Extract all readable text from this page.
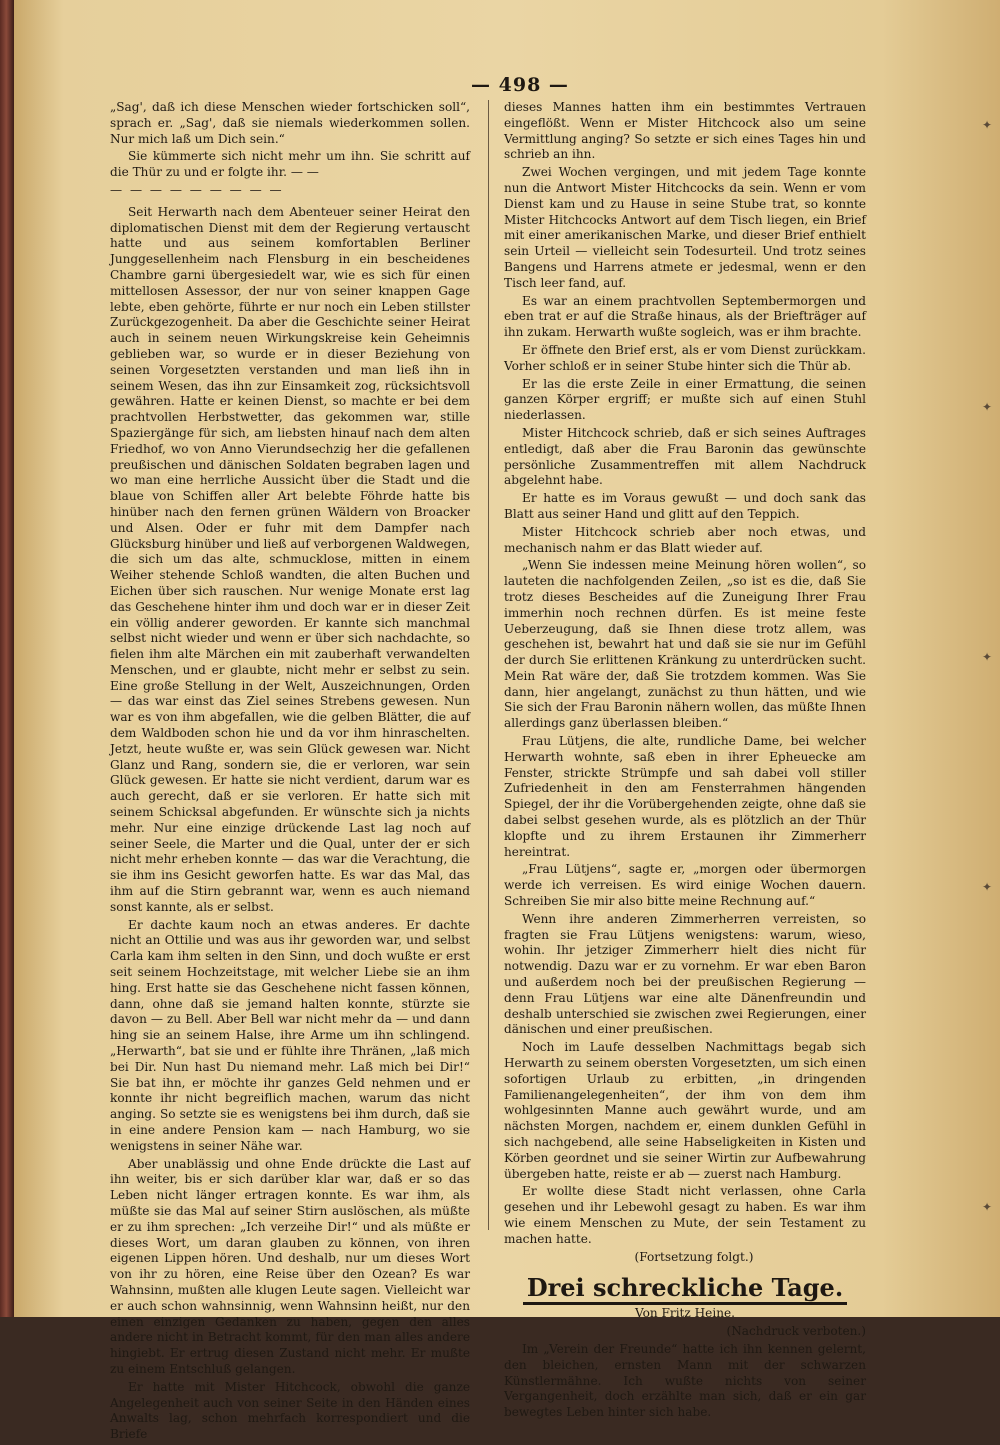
— 498 —

„Sag', daß ich diese Menschen wieder fortschicken soll“, sprach er. „Sag', daß sie niemals wiederkommen sollen. Nur mich laß um Dich sein.“

Sie kümmerte sich nicht mehr um ihn. Sie schritt auf die Thür zu und er folgte ihr. — —

— — — — — — — — —

Seit Herwarth nach dem Abenteuer seiner Heirat den diplomatischen Dienst mit dem der Regierung vertauscht hatte und aus seinem komfortablen Berliner Junggesellenheim nach Flensburg in ein bescheidenes Chambre garni übergesiedelt war, wie es sich für einen mittellosen Assessor, der nur von seiner knappen Gage lebte, eben gehörte, führte er nur noch ein Leben stillster Zurückgezogenheit. Da aber die Geschichte seiner Heirat auch in seinem neuen Wirkungskreise kein Geheimnis geblieben war, so wurde er in dieser Beziehung von seinen Vorgesetzten verstanden und man ließ ihn in seinem Wesen, das ihn zur Einsamkeit zog, rücksichtsvoll gewähren. Hatte er keinen Dienst, so machte er bei dem prachtvollen Herbstwetter, das gekommen war, stille Spaziergänge für sich, am liebsten hinauf nach dem alten Friedhof, wo von Anno Vierundsechzig her die gefallenen preußischen und dänischen Soldaten begraben lagen und wo man eine herrliche Aussicht über die Stadt und die blaue von Schiffen aller Art belebte Föhrde hatte bis hinüber nach den fernen grünen Wäldern von Broacker und Alsen. Oder er fuhr mit dem Dampfer nach Glücksburg hinüber und ließ auf verborgenen Waldwegen, die sich um das alte, schmucklose, mitten in einem Weiher stehende Schloß wandten, die alten Buchen und Eichen über sich rauschen. Nur wenige Monate erst lag das Geschehene hinter ihm und doch war er in dieser Zeit ein völlig anderer geworden. Er kannte sich manchmal selbst nicht wieder und wenn er über sich nachdachte, so fielen ihm alte Märchen ein mit zauberhaft verwandelten Menschen, und er glaubte, nicht mehr er selbst zu sein. Eine große Stellung in der Welt, Auszeichnungen, Orden — das war einst das Ziel seines Strebens gewesen. Nun war es von ihm abgefallen, wie die gelben Blätter, die auf dem Waldboden schon hie und da vor ihm hinraschelten. Jetzt, heute wußte er, was sein Glück gewesen war. Nicht Glanz und Rang, sondern sie, die er verloren, war sein Glück gewesen. Er hatte sie nicht verdient, darum war es auch gerecht, daß er sie verloren. Er hatte sich mit seinem Schicksal abgefunden. Er wünschte sich ja nichts mehr. Nur eine einzige drückende Last lag noch auf seiner Seele, die Marter und die Qual, unter der er sich nicht mehr erheben konnte — das war die Verachtung, die sie ihm ins Gesicht geworfen hatte. Es war das Mal, das ihm auf die Stirn gebrannt war, wenn es auch niemand sonst kannte, als er selbst.

Er dachte kaum noch an etwas anderes. Er dachte nicht an Ottilie und was aus ihr geworden war, und selbst Carla kam ihm selten in den Sinn, und doch wußte er erst seit seinem Hochzeitstage, mit welcher Liebe sie an ihm hing. Erst hatte sie das Geschehene nicht fassen können, dann, ohne daß sie jemand halten konnte, stürzte sie davon — zu Bell. Aber Bell war nicht mehr da — und dann hing sie an seinem Halse, ihre Arme um ihn schlingend. „Herwarth“, bat sie und er fühlte ihre Thränen, „laß mich bei Dir. Nun hast Du niemand mehr. Laß mich bei Dir!“ Sie bat ihn, er möchte ihr ganzes Geld nehmen und er konnte ihr nicht begreiflich machen, warum das nicht anging. So setzte sie es wenigstens bei ihm durch, daß sie in eine andere Pension kam — nach Hamburg, wo sie wenigstens in seiner Nähe war.

Aber unablässig und ohne Ende drückte die Last auf ihn weiter, bis er sich darüber klar war, daß er so das Leben nicht länger ertragen konnte. Es war ihm, als müßte sie das Mal auf seiner Stirn auslöschen, als müßte er zu ihm sprechen: „Ich verzeihe Dir!“ und als müßte er dieses Wort, um daran glauben zu können, von ihren eigenen Lippen hören. Und deshalb, nur um dieses Wort von ihr zu hören, eine Reise über den Ozean? Es war Wahnsinn, mußten alle klugen Leute sagen. Vielleicht war er auch schon wahnsinnig, wenn Wahnsinn heißt, nur den einen einzigen Gedanken zu haben, gegen den alles andere nicht in Betracht kommt, für den man alles andere hingiebt. Er ertrug diesen Zustand nicht mehr. Er mußte zu einem Entschluß gelangen.

Er hatte mit Mister Hitchcock, obwohl die ganze Angelegenheit auch von seiner Seite in den Händen eines Anwalts lag, schon mehrfach korrespondiert und die Briefe

dieses Mannes hatten ihm ein bestimmtes Vertrauen eingeflößt. Wenn er Mister Hitchcock also um seine Vermittlung anging? So setzte er sich eines Tages hin und schrieb an ihn.

Zwei Wochen vergingen, und mit jedem Tage konnte nun die Antwort Mister Hitchcocks da sein. Wenn er vom Dienst kam und zu Hause in seine Stube trat, so konnte Mister Hitchcocks Antwort auf dem Tisch liegen, ein Brief mit einer amerikanischen Marke, und dieser Brief enthielt sein Urteil — vielleicht sein Todesurteil. Und trotz seines Bangens und Harrens atmete er jedesmal, wenn er den Tisch leer fand, auf.

Es war an einem prachtvollen Septembermorgen und eben trat er auf die Straße hinaus, als der Briefträger auf ihn zukam. Herwarth wußte sogleich, was er ihm brachte.

Er öffnete den Brief erst, als er vom Dienst zurückkam. Vorher schloß er in seiner Stube hinter sich die Thür ab.

Er las die erste Zeile in einer Ermattung, die seinen ganzen Körper ergriff; er mußte sich auf einen Stuhl niederlassen.

Mister Hitchcock schrieb, daß er sich seines Auftrages entledigt, daß aber die Frau Baronin das gewünschte persönliche Zusammentreffen mit allem Nachdruck abgelehnt habe.

Er hatte es im Voraus gewußt — und doch sank das Blatt aus seiner Hand und glitt auf den Teppich.

Mister Hitchcock schrieb aber noch etwas, und mechanisch nahm er das Blatt wieder auf.

„Wenn Sie indessen meine Meinung hören wollen“, so lauteten die nachfolgenden Zeilen, „so ist es die, daß Sie trotz dieses Bescheides auf die Zuneigung Ihrer Frau immerhin noch rechnen dürfen. Es ist meine feste Ueberzeugung, daß sie Ihnen diese trotz allem, was geschehen ist, bewahrt hat und daß sie sie nur im Gefühl der durch Sie erlittenen Kränkung zu unterdrücken sucht. Mein Rat wäre der, daß Sie trotzdem kommen. Was Sie dann, hier angelangt, zunächst zu thun hätten, und wie Sie sich der Frau Baronin nähern wollen, das müßte Ihnen allerdings ganz überlassen bleiben.“

Frau Lütjens, die alte, rundliche Dame, bei welcher Herwarth wohnte, saß eben in ihrer Epheuecke am Fenster, strickte Strümpfe und sah dabei voll stiller Zufriedenheit in den am Fensterrahmen hängenden Spiegel, der ihr die Vorübergehenden zeigte, ohne daß sie dabei selbst gesehen wurde, als es plötzlich an der Thür klopfte und zu ihrem Erstaunen ihr Zimmerherr hereintrat.

„Frau Lütjens“, sagte er, „morgen oder übermorgen werde ich verreisen. Es wird einige Wochen dauern. Schreiben Sie mir also bitte meine Rechnung auf.“

Wenn ihre anderen Zimmerherren verreisten, so fragten sie Frau Lütjens wenigstens: warum, wieso, wohin. Ihr jetziger Zimmerherr hielt dies nicht für notwendig. Dazu war er zu vornehm. Er war eben Baron und außerdem noch bei der preußischen Regierung — denn Frau Lütjens war eine alte Dänenfreundin und deshalb unterschied sie zwischen zwei Regierungen, einer dänischen und einer preußischen.

Noch im Laufe desselben Nachmittags begab sich Herwarth zu seinem obersten Vorgesetzten, um sich einen sofortigen Urlaub zu erbitten, „in dringenden Familienangelegenheiten“, der ihm von dem ihm wohlgesinnten Manne auch gewährt wurde, und am nächsten Morgen, nachdem er, einem dunklen Gefühl in sich nachgebend, alle seine Habseligkeiten in Kisten und Körben geordnet und sie seiner Wirtin zur Aufbewahrung übergeben hatte, reiste er ab — zuerst nach Hamburg.

Er wollte diese Stadt nicht verlassen, ohne Carla gesehen und ihr Lebewohl gesagt zu haben. Es war ihm wie einem Menschen zu Mute, der sein Testament zu machen hatte.

(Fortsetzung folgt.)

Drei schreckliche Tage.

Von Fritz Heine.

(Nachdruck verboten.)

Im „Verein der Freunde“ hatte ich ihn kennen gelernt, den bleichen, ernsten Mann mit der schwarzen Künstlermähne. Ich wußte nichts von seiner Vergangenheit, doch erzählte man sich, daß er ein gar bewegtes Leben hinter sich habe.

✦
✦
✦
✦
✦
